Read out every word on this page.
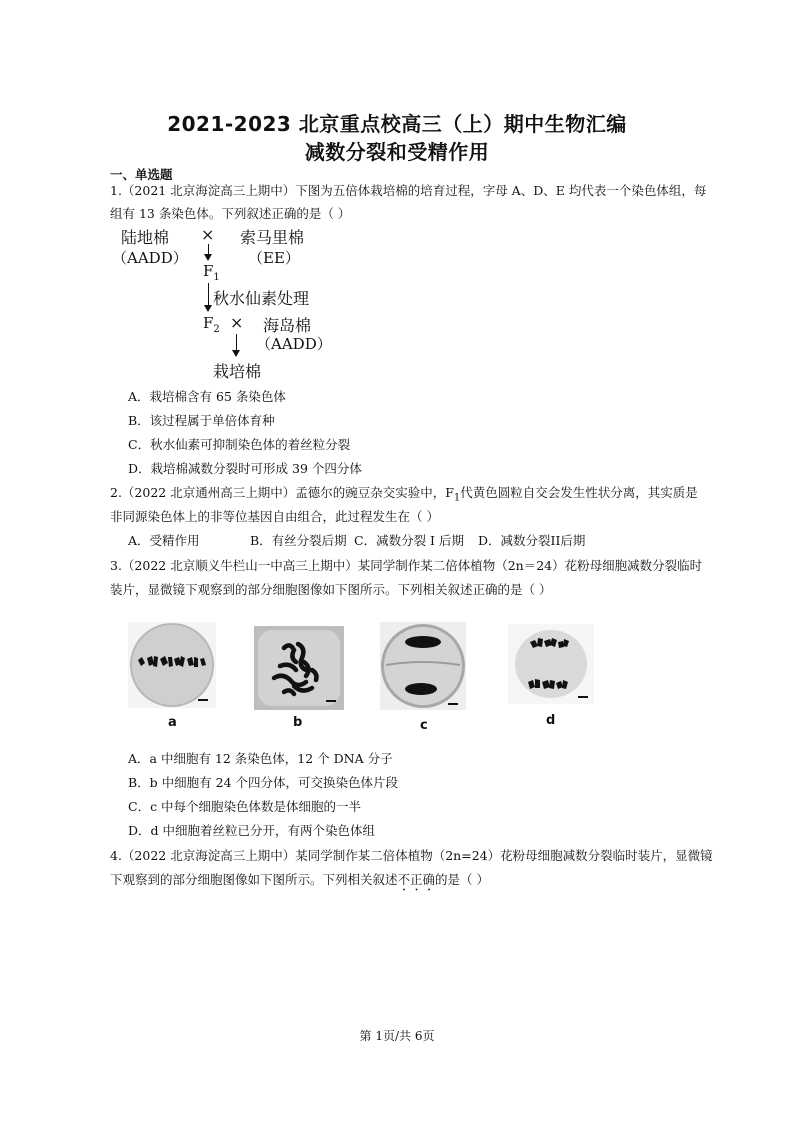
2021-2023 北京重点校高三（上）期中生物汇编
减数分裂和受精作用
一、单选题
1.（2021 北京海淀高三上期中）下图为五倍体栽培棉的培育过程，字母 A、D、E 均代表一个染色体组，每
组有 13 条染色体。下列叙述正确的是（ ）
陆地棉 × 索马里棉
（AADD）	（EE）
$F_1$
秋水仙素处理
$F_2$ × 海岛棉
（AADD）
栽培棉
A．栽培棉含有 65 条染色体
B．该过程属于单倍体育种
C．秋水仙素可抑制染色体的着丝粒分裂
D．栽培棉减数分裂时可形成 39 个四分体
2.（2022 北京通州高三上期中）孟德尔的豌豆杂交实验中，$F_1$代黄色圆粒自交会发生性状分离，其实质是
非同源染色体上的非等位基因自由组合，此过程发生在（ ）
A．受精作用	B．有丝分裂后期 C．减数分裂 I 后期 D．减数分裂II后期
3.（2022 北京顺义牛栏山一中高三上期中）某同学制作某二倍体植物（2n＝24）花粉母细胞减数分裂临时
装片，显微镜下观察到的部分细胞图像如下图所示。下列相关叙述正确的是（ ）
a	b	c	d
A．a 中细胞有 12 条染色体，12 个 DNA 分子
B．b 中细胞有 24 个四分体，可交换染色体片段
C．c 中每个细胞染色体数是体细胞的一半
D．d 中细胞着丝粒已分开，有两个染色体组
4.（2022 北京海淀高三上期中）某同学制作某二倍体植物（2n=24）花粉母细胞减数分裂临时装片，显微镜
下观察到的部分细胞图像如下图所示。下列相关叙述不正确的是（ ）
第 1页/共 6页
